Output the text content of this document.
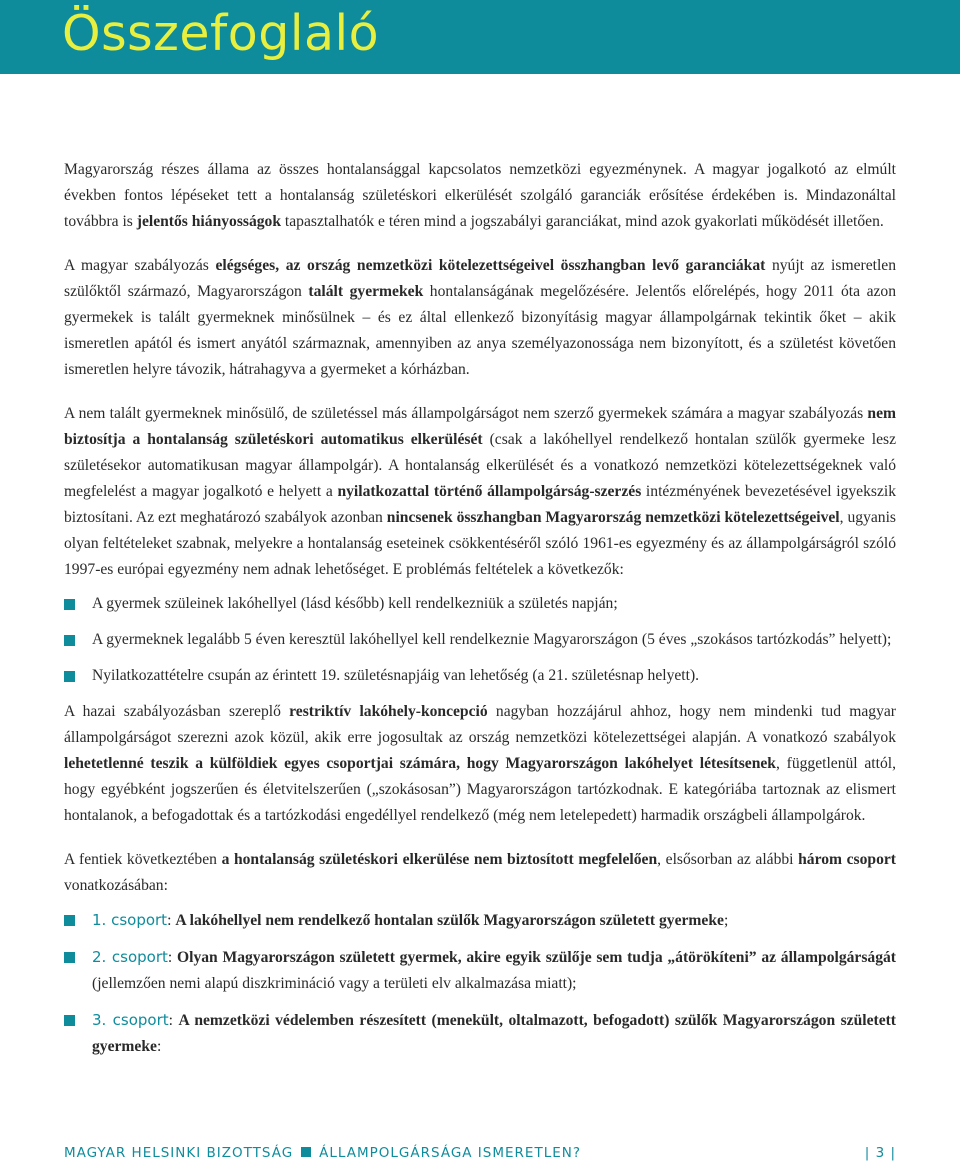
Összefoglaló

Magyarország részes állama az összes hontalansággal kapcsolatos nemzetközi egyezménynek. A magyar jogalkotó az elmúlt években fontos lépéseket tett a hontalanság születéskori elkerülését szolgáló garanciák erősítése érdekében is. Mindazonáltal továbbra is jelentős hiányosságok tapasztalhatók e téren mind a jogszabályi garanciákat, mind azok gyakorlati működését illetően.

A magyar szabályozás elégséges, az ország nemzetközi kötelezettségeivel összhangban levő garanciákat nyújt az ismeretlen szülőktől származó, Magyarországon talált gyermekek hontalanságának megelőzésére. Jelentős előrelépés, hogy 2011 óta azon gyermekek is talált gyermeknek minősülnek – és ez által ellenkező bizonyításig magyar állampolgárnak tekintik őket – akik ismeretlen apától és ismert anyától származnak, amennyiben az anya személyazonossága nem bizonyított, és a születést követően ismeretlen helyre távozik, hátrahagyva a gyermeket a kórházban.

A nem talált gyermeknek minősülő, de születéssel más állampolgárságot nem szerző gyermekek számára a magyar szabályozás nem biztosítja a hontalanság születéskori automatikus elkerülését (csak a lakóhellyel rendelkező hontalan szülők gyermeke lesz születésekor automatikusan magyar állampolgár). A hontalanság elkerülését és a vonatkozó nemzetközi kötelezettségeknek való megfelelést a magyar jogalkotó e helyett a nyilatkozattal történő állampolgárság-szerzés intézményének bevezetésével igyekszik biztosítani. Az ezt meghatározó szabályok azonban nincsenek összhangban Magyarország nemzetközi kötelezettségeivel, ugyanis olyan feltételeket szabnak, melyekre a hontalanság eseteinek csökkentéséről szóló 1961-es egyezmény és az állampolgárságról szóló 1997-es európai egyezmény nem adnak lehetőséget. E problémás feltételek a következők:

A gyermek szüleinek lakóhellyel (lásd később) kell rendelkezniük a születés napján;
A gyermeknek legalább 5 éven keresztül lakóhellyel kell rendelkeznie Magyarországon (5 éves „szokásos tartózkodás” helyett);
Nyilatkozattételre csupán az érintett 19. születésnapjáig van lehetőség (a 21. születésnap helyett).

A hazai szabályozásban szereplő restriktív lakóhely-koncepció nagyban hozzájárul ahhoz, hogy nem mindenki tud magyar állampolgárságot szerezni azok közül, akik erre jogosultak az ország nemzetközi kötelezettségei alapján. A vonatkozó szabályok lehetetlenné teszik a külföldiek egyes csoportjai számára, hogy Magyarországon lakóhelyet létesítsenek, függetlenül attól, hogy egyébként jogszerűen és életvitelszerűen („szokásosan”) Magyarországon tartózkodnak. E kategóriába tartoznak az elismert hontalanok, a befogadottak és a tartózkodási engedéllyel rendelkező (még nem letelepedett) harmadik országbeli állampolgárok.

A fentiek következtében a hontalanság születéskori elkerülése nem biztosított megfelelően, elsősorban az alábbi három csoport vonatkozásában:

1. csoport: A lakóhellyel nem rendelkező hontalan szülők Magyarországon született gyermeke;
2. csoport: Olyan Magyarországon született gyermek, akire egyik szülője sem tudja „átörökíteni” az állampolgárságát (jellemzően nemi alapú diszkrimináció vagy a területi elv alkalmazása miatt);
3. csoport: A nemzetközi védelemben részesített (menekült, oltalmazott, befogadott) szülők Magyarországon született gyermeke:
MAGYAR HELSINKI BIZOTTSÁG ÁLLAMPOLGÁRSÁGA ISMERETLEN?	| 3 |
